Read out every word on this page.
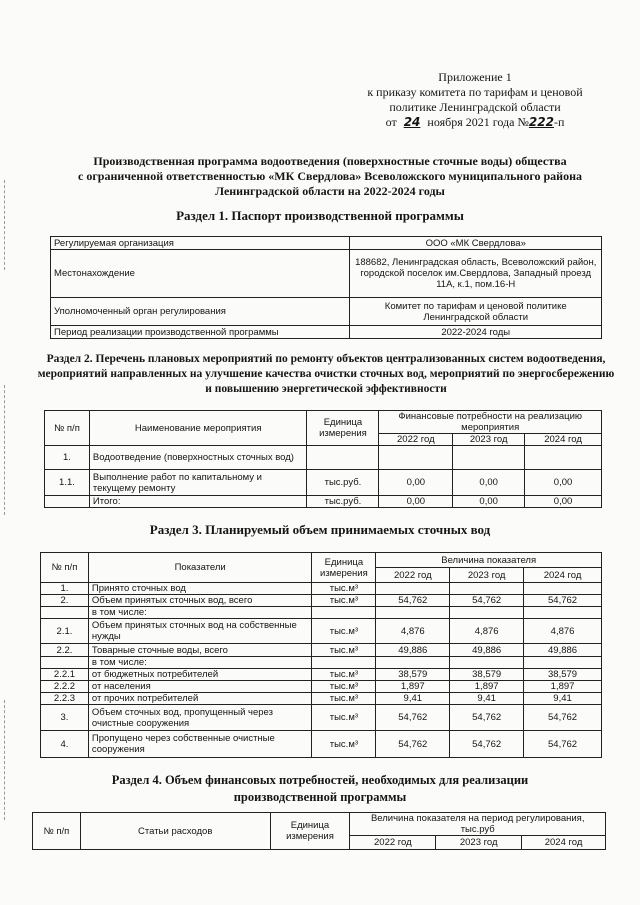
Приложение 1
к приказу комитета по тарифам и ценовой
политике Ленинградской области
от 24 ноября 2021 года №222-п
Производственная программа водоотведения (поверхностные сточные воды) общества
с ограниченной ответственностью «МК Свердлова» Всеволожского муниципального района
Ленинградской области на 2022-2024 годы
Раздел 1. Паспорт производственной программы
Регулируемая организация	ООО «МК Свердлова»
Местонахождение	188682, Ленинградская область, Всеволожский район, городской поселок им.Свердлова, Западный проезд 11А, к.1, пом.16-Н
Уполномоченный орган регулирования	Комитет по тарифам и ценовой политике Ленинградской области
Период реализации производственной программы	2022-2024 годы
Раздел 2. Перечень плановых мероприятий по ремонту объектов централизованных систем водоотведения, мероприятий направленных на улучшение качества очистки сточных вод, мероприятий по энергосбережению и повышению энергетической эффективности
№ п/п	Наименование мероприятия	Единица измерения	Финансовые потребности на реализацию мероприятия		
			2022 год	2023 год	2024 год
1.	Водоотведение (поверхностных сточных вод)				
1.1.	Выполнение работ по капитальному и текущему ремонту	тыс.руб.	0,00	0,00	0,00
	Итого:	тыс.руб.	0,00	0,00	0,00
Раздел 3. Планируемый объем принимаемых сточных вод
№ п/п	Показатели	Единица измерения	Величина показателя		
			2022 год	2023 год	2024 год
1.	Принято сточных вод	тыс.м³			
2.	Объем принятых сточных вод, всего	тыс.м³	54,762	54,762	54,762
	в том числе:				
2.1.	Объем принятых сточных вод на собственные нужды	тыс.м³	4,876	4,876	4,876
2.2.	Товарные сточные воды, всего	тыс.м³	49,886	49,886	49,886
	в том числе:				
2.2.1	от бюджетных потребителей	тыс.м³	38,579	38,579	38,579
2.2.2	от населения	тыс.м³	1,897	1,897	1,897
2.2.3	от прочих потребителей	тыс.м³	9,41	9,41	9,41
3.	Объем сточных вод, пропущенный через очистные сооружения	тыс.м³	54,762	54,762	54,762
4.	Пропущено через собственные очистные сооружения	тыс.м³	54,762	54,762	54,762
Раздел 4. Объем финансовых потребностей, необходимых для реализации
производственной программы
№ п/п	Статьи расходов	Единица измерения	Величина показателя на период регулирования, тыс.руб		
			2022 год	2023 год	2024 год
